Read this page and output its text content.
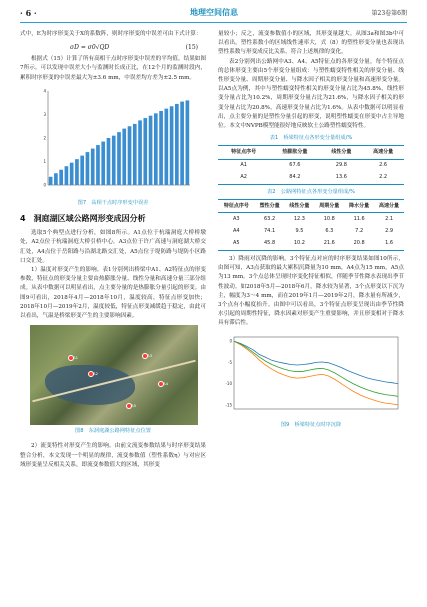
· 6 ·	地理空间信息	第23卷第6期

式中，E为时序形变关于X的系数阵，则时序形变的中误差可由下式计算：

σD = σ0√QD	(15)

根据式（15）计算了所有高相干点时序形变中误差的平均值，结果如图7所示。可以发现中误差大小与监测时长成正比，在12个月的监测时段内，累积时序形变的中误差最大为±3.6 mm，中误差均方差为±2.5 mm。

0
1
2
3
4
图7　高相干点时序形变中误差
4　洞庭湖区域公路网形变成因分析

选取5个典型点进行分析，如图8所示。A1点位于杭瑞洞庭大桥桥墩处，A2点位于杭瑞洞庭大桥引桥中心，A3点位于许广高速与洞庭湖大桥交汇处，A4点位于岳阳路与沿湖北路交汇处，A5点位于堤防路与堤防小区路口交汇处。

1）温度对形变产生的影响。表1分别列出桥梁中A1、A2特征点的形变参数，特征点的形变分量主要由热膨胀分量、线性分量和高速分量三部分组成。从表中数据可以明显看出，点主要分量的是热膨胀分量引起的形变。由图9可看出，2018年4月—2018年10月，温度较高，特征点形变加快；2018年10月—2019年2月，温度较低，特征点形变减缓趋于稳定，由此可以看出，气温是桥梁形变产生的主要影响因素。

A1
A2
A3
A4
A5
图8　东洞庭湖公路网特征点位置

2）流变特性对形变产生的影响。由前文流变参数结果与时序形变结果整合分析，本文发现一个明显的规律，流变参数值（塑性系数η）与对应区域形变量呈反相关关系，即流变参数值大的区域，其形变

量较小；反之，流变参数值小的区域，其形变量越大。从图3a和图3b中可以看出，塑性系数小的区域线性速率大，式（8）的塑性形变分量也表现出塑性系数与形变成反比关系，符合上述规律的变化。

表2分别列出公路网中A3、A4、A5特征点的各形变分量。每个特征点的总体形变主要由5个形变分量组成：与塑性蠕变特性相关的形变分量、线性形变分量、周期形变分量、与降水因子相关的形变分量和高速形变分量。以A5点为例，其中与塑性蠕变特性相关的形变分量占比为45.8%，线性形变分量占比为10.2%，周期形变分量占比为21.6%，与降水因子相关的形变分量占比为20.8%，高速形变分量占比为1.6%。从表中数据可以明显看出，点主要分量的是塑性分量引起的形变，说明塑性蠕变在形变中占主导地位。本文中NVPB模型能很好地反映软土公路塑性蠕变特性。

表1　桥梁特征点各形变分量组成/%
特征点序号	热膨胀分量	线性分量	高速分量
A1	67.6	29.8	2.6
A2	84.2	13.6	2.2
表2　公路网特征点各形变分量组成/%
特征点序号	塑性分量	线性分量	周期分量	降水分量	高速分量
A3	63.2	12.3	10.8	11.6	2.1
A4	74.1	9.5	6.3	7.2	2.9
A5	45.8	10.2	21.6	20.8	1.6

3）降雨对沉降的影响。3个特征点对应的时序形变结果如图10所示，由图可知，A3点获取的最大累积沉降量为10 mm，A4点为15 mm，A5点为13 mm。3个点总体呈现时序变化特征相似，伴随季节性降水表现出季节性波动。如2018年5月—2018年6月，降水较为显著，3个点形变以下沉为主，幅度为3～4 mm，而在2019年1月—2019年2月，降水量有所减少，3个点有小幅度抬升。由图中可以看出，3个特征点形变呈现出由季节性降水引起的周期性特征，降水因素对形变产生重要影响，并且形变相对于降水具有滞后性。

0
-5
-10
-15
图9　桥梁特征点时序沉降
